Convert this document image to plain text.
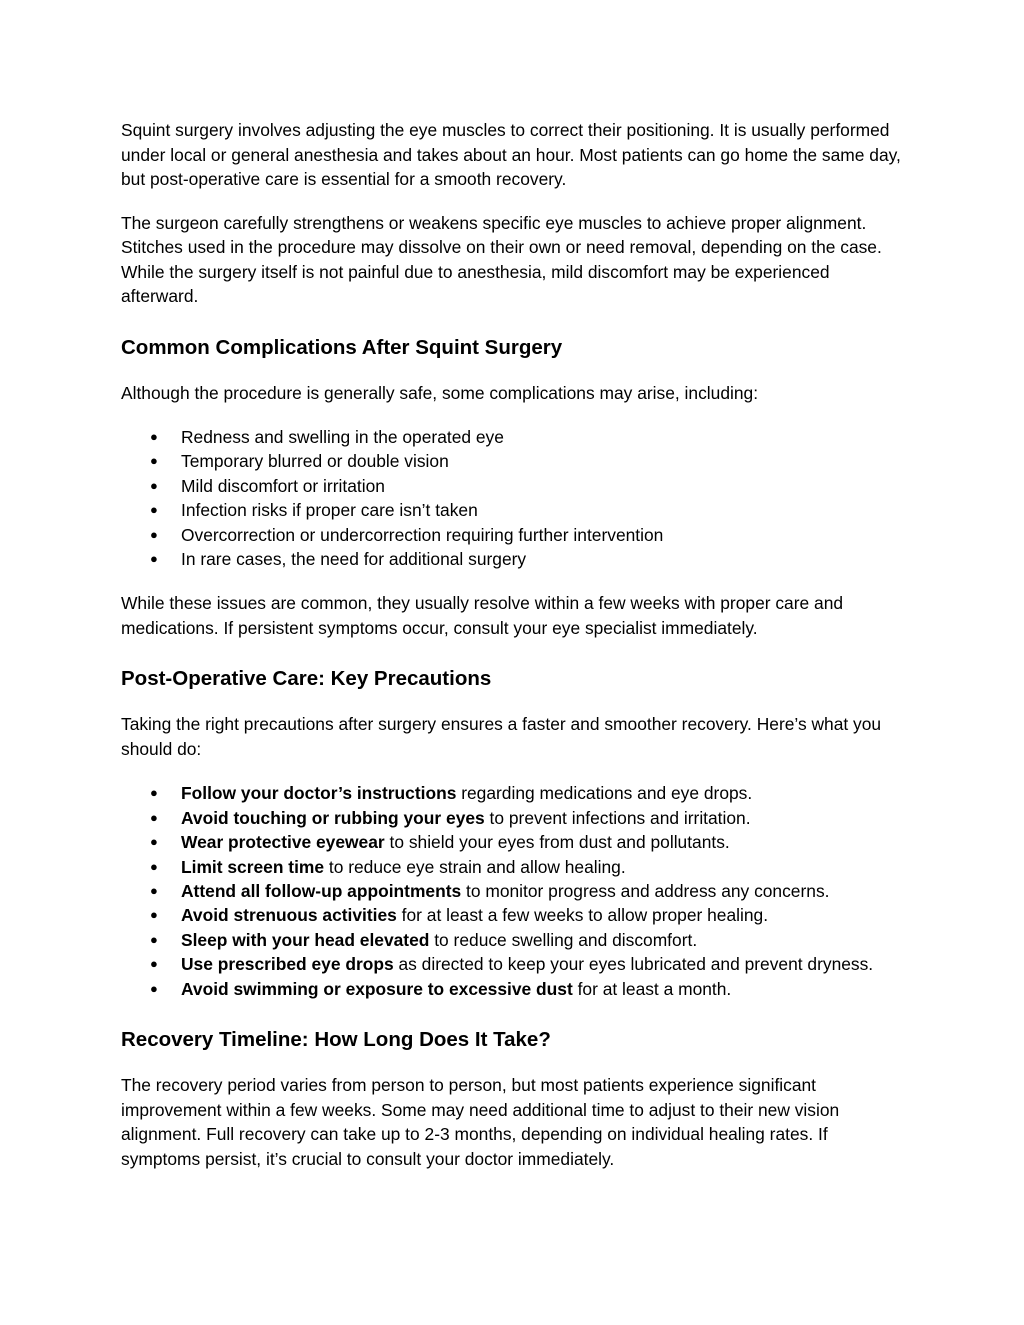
Squint surgery involves adjusting the eye muscles to correct their positioning. It is usually performed under local or general anesthesia and takes about an hour. Most patients can go home the same day, but post-operative care is essential for a smooth recovery.

The surgeon carefully strengthens or weakens specific eye muscles to achieve proper alignment. Stitches used in the procedure may dissolve on their own or need removal, depending on the case. While the surgery itself is not painful due to anesthesia, mild discomfort may be experienced afterward.

Common Complications After Squint Surgery

Although the procedure is generally safe, some complications may arise, including:

● Redness and swelling in the operated eye
● Temporary blurred or double vision
● Mild discomfort or irritation
● Infection risks if proper care isn’t taken
● Overcorrection or undercorrection requiring further intervention
● In rare cases, the need for additional surgery

While these issues are common, they usually resolve within a few weeks with proper care and medications. If persistent symptoms occur, consult your eye specialist immediately.

Post-Operative Care: Key Precautions

Taking the right precautions after surgery ensures a faster and smoother recovery. Here’s what you should do:

● Follow your doctor’s instructions regarding medications and eye drops.
● Avoid touching or rubbing your eyes to prevent infections and irritation.
● Wear protective eyewear to shield your eyes from dust and pollutants.
● Limit screen time to reduce eye strain and allow healing.
● Attend all follow-up appointments to monitor progress and address any concerns.
● Avoid strenuous activities for at least a few weeks to allow proper healing.
● Sleep with your head elevated to reduce swelling and discomfort.
● Use prescribed eye drops as directed to keep your eyes lubricated and prevent dryness.
● Avoid swimming or exposure to excessive dust for at least a month.
Recovery Timeline: How Long Does It Take?

The recovery period varies from person to person, but most patients experience significant improvement within a few weeks. Some may need additional time to adjust to their new vision alignment. Full recovery can take up to 2-3 months, depending on individual healing rates. If symptoms persist, it’s crucial to consult your doctor immediately.
